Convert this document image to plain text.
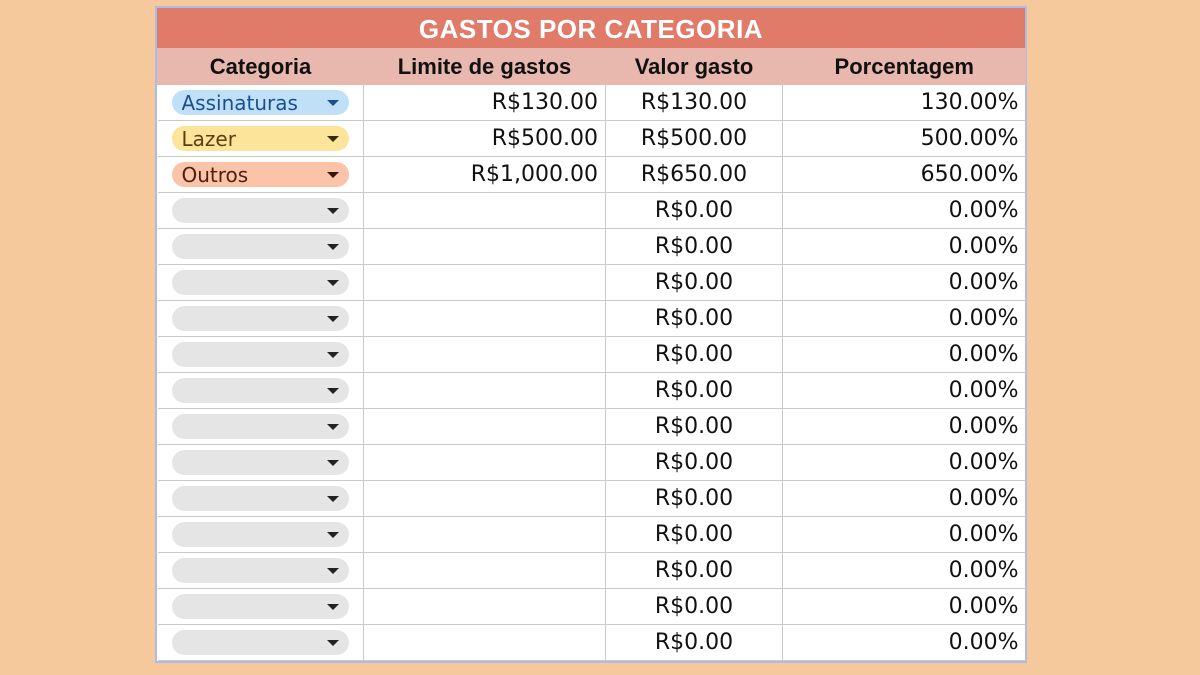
GASTOS POR CATEGORIA
Categoria	Limite de gastos	Valor gasto	Porcentagem

Assinaturas	R$130.00	R$130.00	130.00%

Lazer	R$500.00	R$500.00	500.00%

Outros	R$1,000.00	R$650.00	650.00%

		R$0.00	0.00%

		R$0.00	0.00%

		R$0.00	0.00%

		R$0.00	0.00%

		R$0.00	0.00%

		R$0.00	0.00%

		R$0.00	0.00%

		R$0.00	0.00%

		R$0.00	0.00%

		R$0.00	0.00%

		R$0.00	0.00%

		R$0.00	0.00%

		R$0.00	0.00%
